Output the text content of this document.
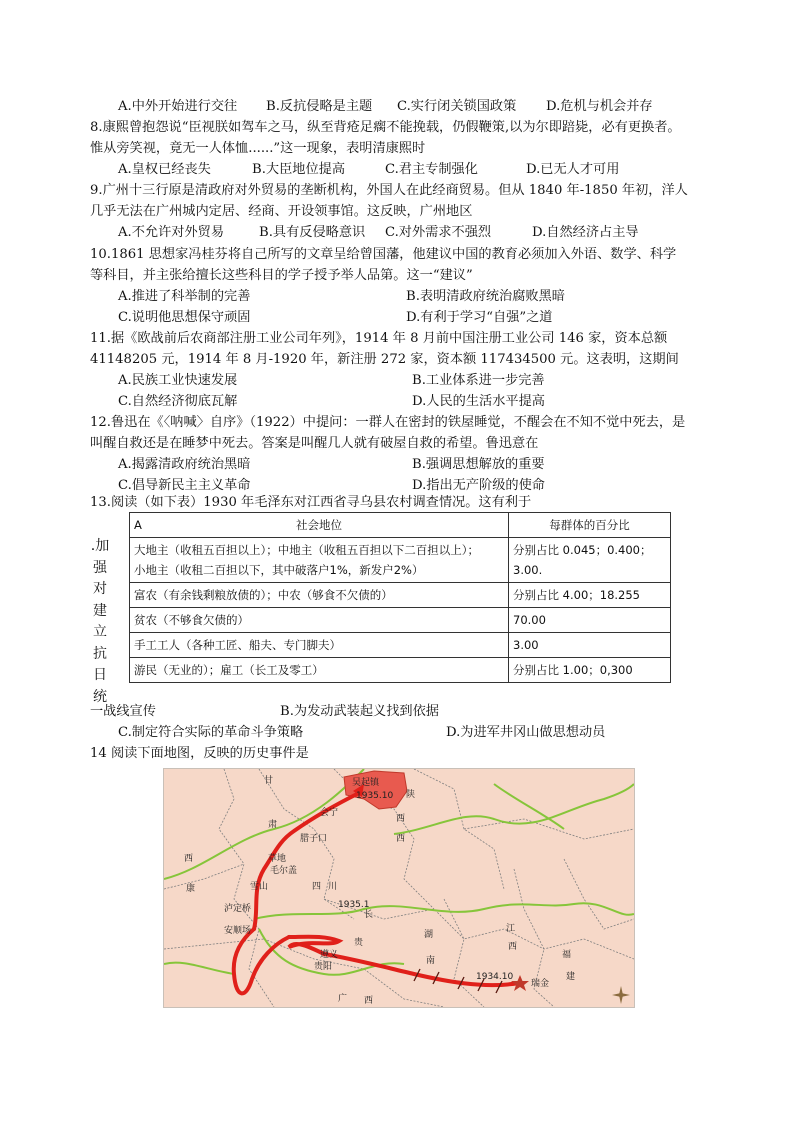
A.中外开始进行交往 B.反抗侵略是主题 C.实行闭关锁国政策 D.危机与机会并存
8.康熙曾抱怨说“臣视朕如驾车之马，纵至背疮足瘸不能挽载，仍假鞭策,以为尔即踣毙，必有更换者。
惟从旁笑视，竟无一人体恤......”这一现象，表明清康熙时
A.皇权已经丧失	B.大臣地位提高	C.君主专制强化	D.已无人才可用
9.广州十三行原是清政府对外贸易的垄断机构，外国人在此经商贸易。但从 1840 年-1850 年初，洋人
几乎无法在广州城内定居、经商、开设领事馆。这反映，广州地区
A.不允许对外贸易	B.具有反侵略意识 C.对外需求不强烈	D.自然经济占主导
10.1861 思想家冯桂芬将自己所写的文章呈给曾国藩，他建议中国的教育必须加入外语、数学、科学
等科目，并主张给擅长这些科目的学子授予举人品第。这一“建议”
A.推进了科举制的完善	B.表明清政府统治腐败黑暗
C.说明他思想保守顽固	D.有利于学习“自强”之道
11.据《欧战前后农商部注册工业公司年列》，1914 年 8 月前中国注册工业公司 146 家，资本总额
41148205 元，1914 年 8 月-1920 年，新注册 272 家，资本额 117434500 元。这表明，这期间
A.民族工业快速发展	B.工业体系进一步完善
C.自然经济彻底瓦解	D.人民的生活水平提高
12.鲁迅在《〈呐喊〉自序》（1922）中提问：一群人在密封的铁屋睡觉，不醒会在不知不觉中死去，是
叫醒自救还是在睡梦中死去。答案是叫醒几人就有破屋自救的希望。鲁迅意在
A.揭露清政府统治黑暗	B.强调思想解放的重要
C.倡导新民主主义革命	D.指出无产阶级的使命
13.阅读（如下表）1930 年毛泽东对江西省寻乌县农村调查情况。这有利于
.加
强
对
建
立
抗
日
统
A 社会地位	每群体的百分比

大地主（收租五百担以上）；中地主（收租五百担以下二百担以上）；
小地主（收租二百担以下，其中破落户1%，新发户2%）	分别占比 0.045；0.400；3.00.
富农（有余钱剩粮放债的）；中农（够食不欠债的）	分别占比 4.00；18.255
贫农（不够食欠债的）	70.00
手工工人（各种工匠、船夫、专门脚夫）	3.00
游民（无业的）；雇工（长工及零工）	分别占比 1.00；0,300
一战线宣传	B.为发动武装起义找到依据
C.制定符合实际的革命斗争策略	D.为进军井冈山做思想动员
14 阅读下面地图，反映的历史事件是
吴起镇
1935.10
1935.1
1934.10
瑞金
遵义
贵阳
泸定桥
安顺场
雪山
草地
毛尔盖
腊子口
会宁
甘
肃
西
康
西
四 川
陕
西
长
贵
湖
南
江
西
福
建
广 西
